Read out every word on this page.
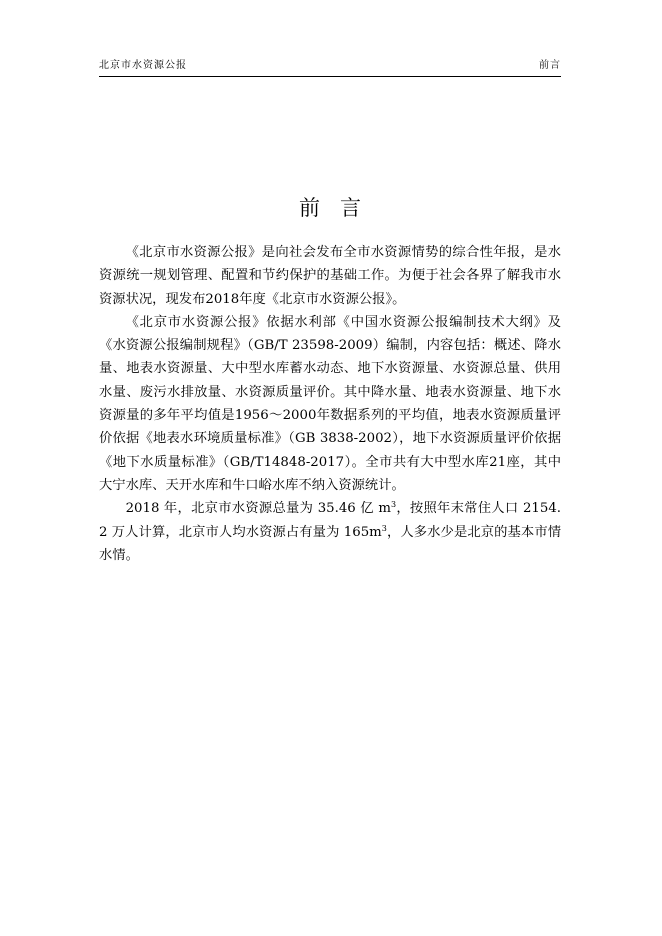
北京市水资源公报	前言
前言

《北京市水资源公报》是向社会发布全市水资源情势的综合性年报，是水资源统一规划管理、配置和节约保护的基础工作。为便于社会各界了解我市水资源状况，现发布2018年度《北京市水资源公报》。

《北京市水资源公报》依据水利部《中国水资源公报编制技术大纲》及《水资源公报编制规程》（GB/T 23598-2009）编制，内容包括：概述、降水量、地表水资源量、大中型水库蓄水动态、地下水资源量、水资源总量、供用水量、废污水排放量、水资源质量评价。其中降水量、地表水资源量、地下水资源量的多年平均值是1956～2000年数据系列的平均值，地表水资源质量评价依据《地表水环境质量标准》（GB 3838-2002），地下水资源质量评价依据《地下水质量标准》（GB/T14848-2017）。全市共有大中型水库21座，其中大宁水库、天开水库和牛口峪水库不纳入资源统计。

2018 年，北京市水资源总量为 35.46 亿 $m^3$，按照年末常住人口 2154.2 万人计算，北京市人均水资源占有量为 $165m^3$，人多水少是北京的基本市情水情。
